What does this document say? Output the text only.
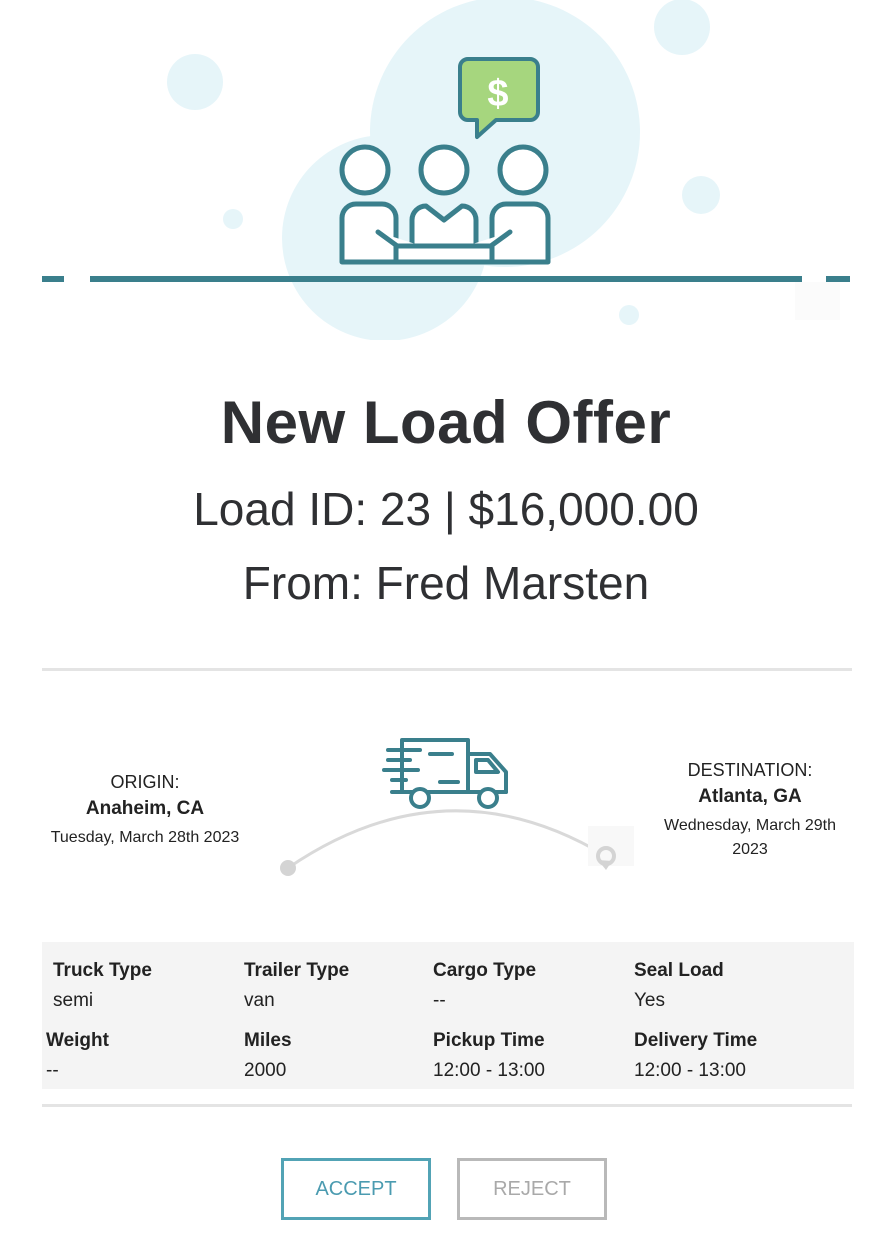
$
New Load Offer
Load ID: 23 | $16,000.00
From: Fred Marsten
ORIGIN:
Anaheim, CA
Tuesday, March 28th 2023
DESTINATION:
Atlanta, GA
Wednesday, March 29th 2023
Truck Type
semi
Trailer Type
van
Cargo Type
--
Seal Load
Yes
Weight
--
Miles
2000
Pickup Time
12:00 - 13:00
Delivery Time
12:00 - 13:00
ACCEPT	REJECT
